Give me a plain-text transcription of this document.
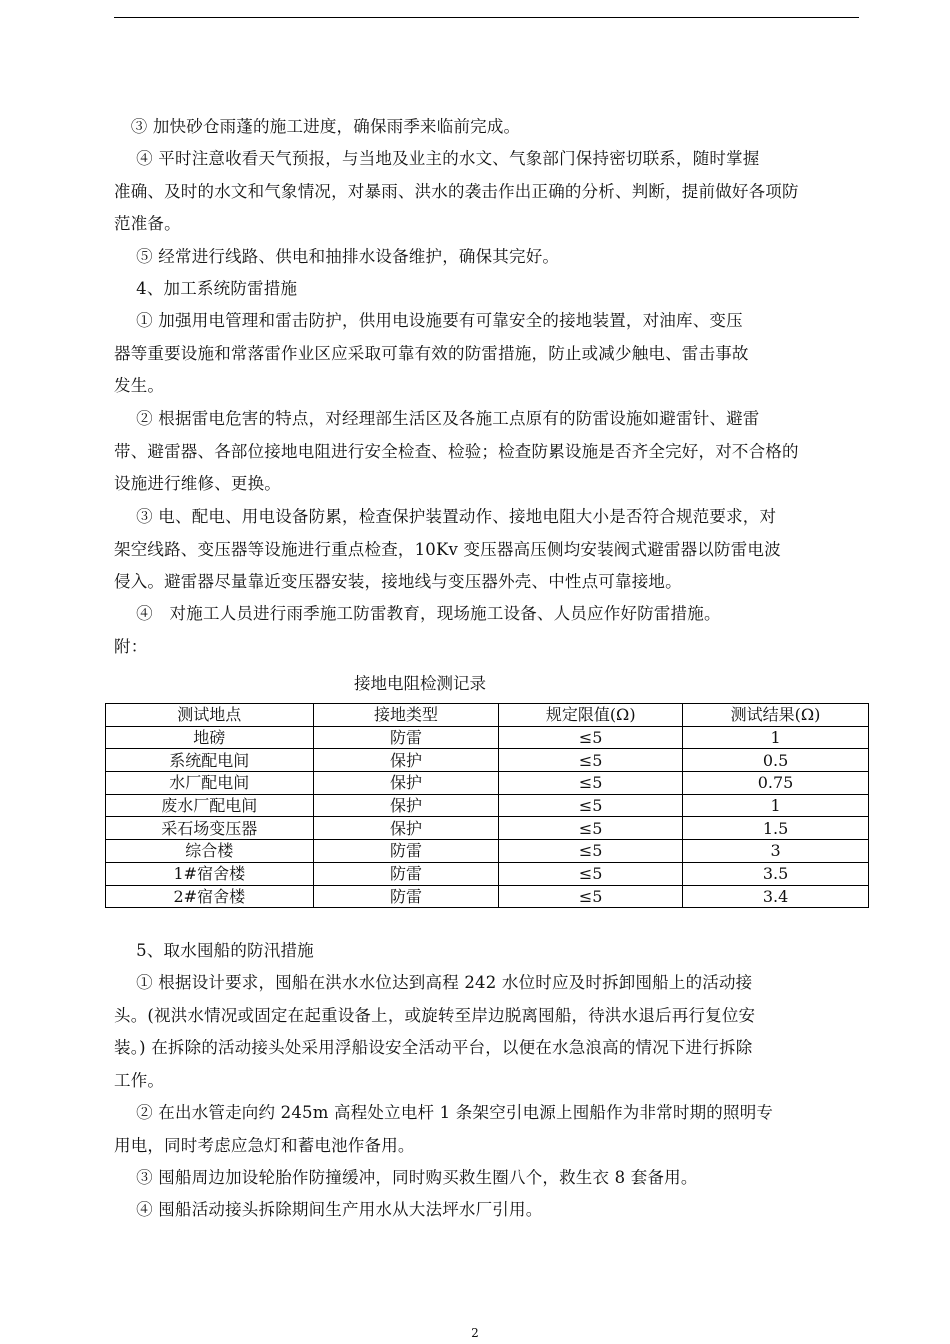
　③ 加快砂仓雨蓬的施工进度，确保雨季来临前完成。
　 ④ 平时注意收看天气预报，与当地及业主的水文、气象部门保持密切联系，随时掌握
准确、及时的水文和气象情况，对暴雨、洪水的袭击作出正确的分析、判断，提前做好各项防
范准备。
　 ⑤ 经常进行线路、供电和抽排水设备维护，确保其完好。
　 4、加工系统防雷措施
　 ① 加强用电管理和雷击防护，供用电设施要有可靠安全的接地装置，对油库、变压
器等重要设施和常落雷作业区应采取可靠有效的防雷措施，防止或减少触电、雷击事故
发生。
　 ② 根据雷电危害的特点，对经理部生活区及各施工点原有的防雷设施如避雷针、避雷
带、避雷器、各部位接地电阻进行安全检查、检验；检查防累设施是否齐全完好，对不合格的
设施进行维修、更换。
　 ③ 电、配电、用电设备防累，检查保护装置动作、接地电阻大小是否符合规范要求，对
架空线路、变压器等设施进行重点检查，10Kv 变压器高压侧均安装阀式避雷器以防雷电波
侵入。避雷器尽量靠近变压器安装，接地线与变压器外壳、中性点可靠接地。
　 ④　对施工人员进行雨季施工防雷教育，现场施工设备、人员应作好防雷措施。
附：
接地电阻检测记录
测试地点	接地类型	规定限值(Ω)	测试结果(Ω)
地磅	防雷	≤5	1
系统配电间	保护	≤5	0.5
水厂配电间	保护	≤5	0.75
废水厂配电间	保护	≤5	1
采石场变压器	保护	≤5	1.5
综合楼	防雷	≤5	3
1#宿舍楼	防雷	≤5	3.5
2#宿舍楼	防雷	≤5	3.4
　 5、取水囤船的防汛措施
　 ① 根据设计要求，囤船在洪水水位达到高程 242 水位时应及时拆卸囤船上的活动接
头。(视洪水情况或固定在起重设备上，或旋转至岸边脱离囤船，待洪水退后再行复位安
装。) 在拆除的活动接头处采用浮船设安全活动平台，以便在水急浪高的情况下进行拆除
工作。
　 ② 在出水管走向约 245m 高程处立电杆 1 条架空引电源上囤船作为非常时期的照明专
用电，同时考虑应急灯和蓄电池作备用。
　 ③ 囤船周边加设轮胎作防撞缓冲，同时购买救生圈八个，救生衣 8 套备用。
　 ④ 囤船活动接头拆除期间生产用水从大法坪水厂引用。
2
